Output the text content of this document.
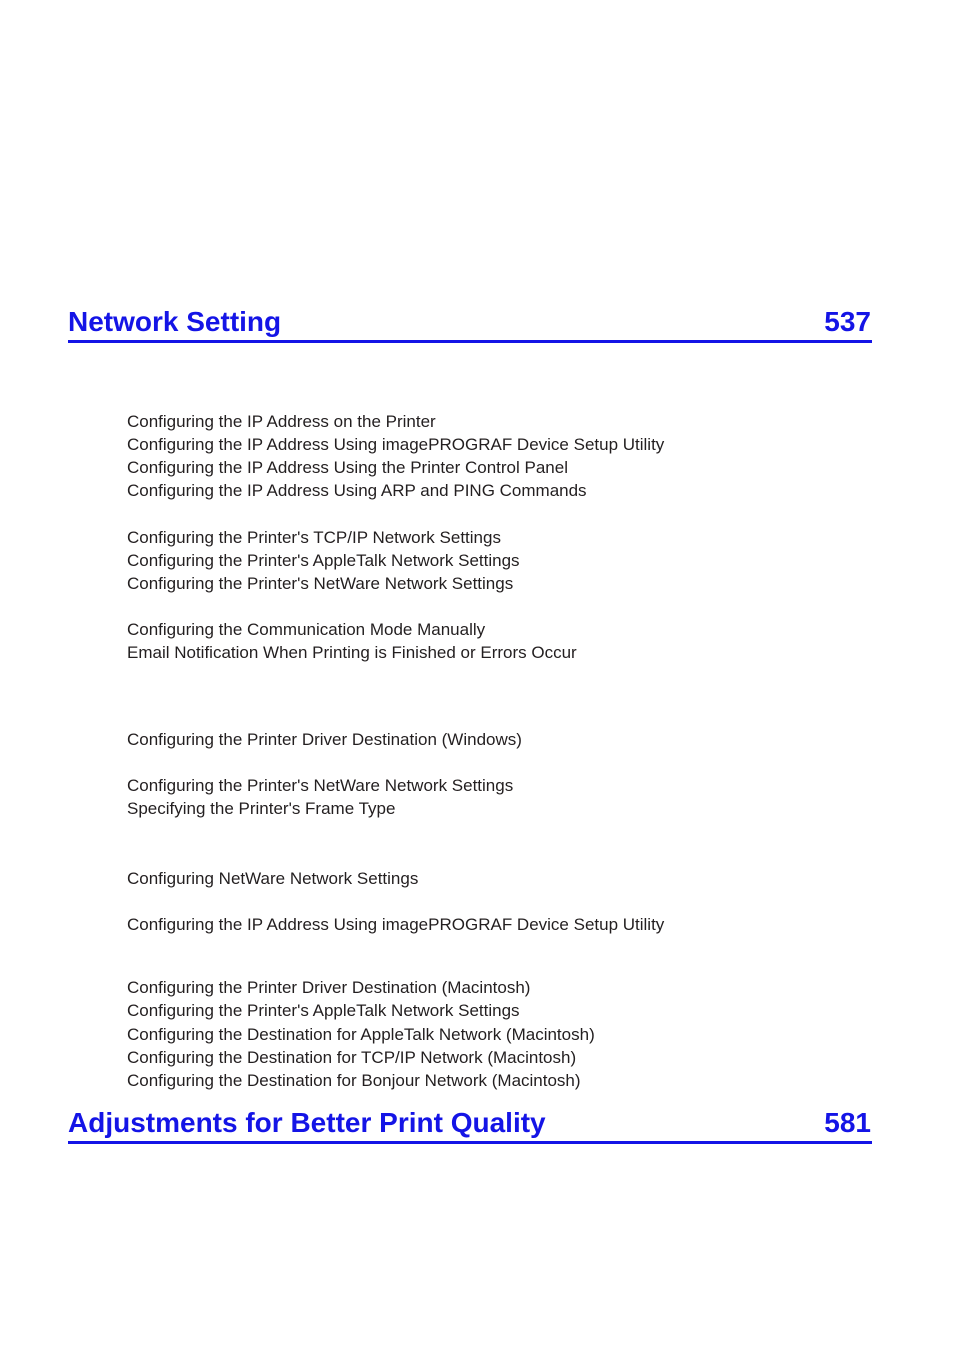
Network Setting	537
Configuring the IP Address on the Printer
Configuring the IP Address Using imagePROGRAF Device Setup Utility
Configuring the IP Address Using the Printer Control Panel
Configuring the IP Address Using ARP and PING Commands
Configuring the Printer's TCP/IP Network Settings
Configuring the Printer's AppleTalk Network Settings
Configuring the Printer's NetWare Network Settings
Configuring the Communication Mode Manually
Email Notification When Printing is Finished or Errors Occur
Configuring the Printer Driver Destination (Windows)
Configuring the Printer's NetWare Network Settings
Specifying the Printer's Frame Type
Configuring NetWare Network Settings
Configuring the IP Address Using imagePROGRAF Device Setup Utility
Configuring the Printer Driver Destination (Macintosh)
Configuring the Printer's AppleTalk Network Settings
Configuring the Destination for AppleTalk Network (Macintosh)
Configuring the Destination for TCP/IP Network (Macintosh)
Configuring the Destination for Bonjour Network (Macintosh)
Adjustments for Better Print Quality	581
